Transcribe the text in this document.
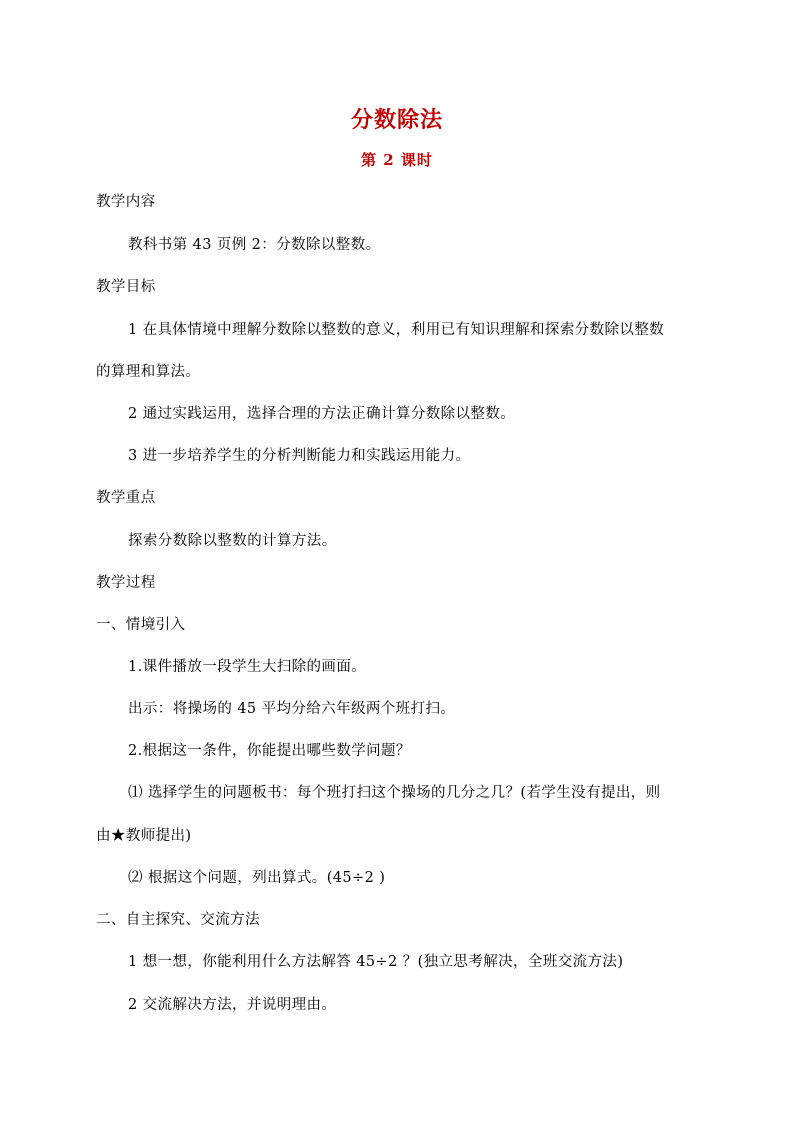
分数除法
第 2 课时
教学内容
教科书第 43 页例 2：分数除以整数。
教学目标
1 在具体情境中理解分数除以整数的意义，利用已有知识理解和探索分数除以整数
的算理和算法。
2 通过实践运用，选择合理的方法正确计算分数除以整数。
3 进一步培养学生的分析判断能力和实践运用能力。
教学重点
探索分数除以整数的计算方法。
教学过程
一、情境引入
1.课件播放一段学生大扫除的画面。
出示：将操场的 45 平均分给六年级两个班打扫。
2.根据这一条件，你能提出哪些数学问题？
⑴ 选择学生的问题板书：每个班打扫这个操场的几分之几？(若学生没有提出，则
由★教师提出)
⑵ 根据这个问题，列出算式。(45÷2 )
二、自主探究、交流方法
1 想一想，你能利用什么方法解答 45÷2 ？(独立思考解决，全班交流方法)
2 交流解决方法，并说明理由。
